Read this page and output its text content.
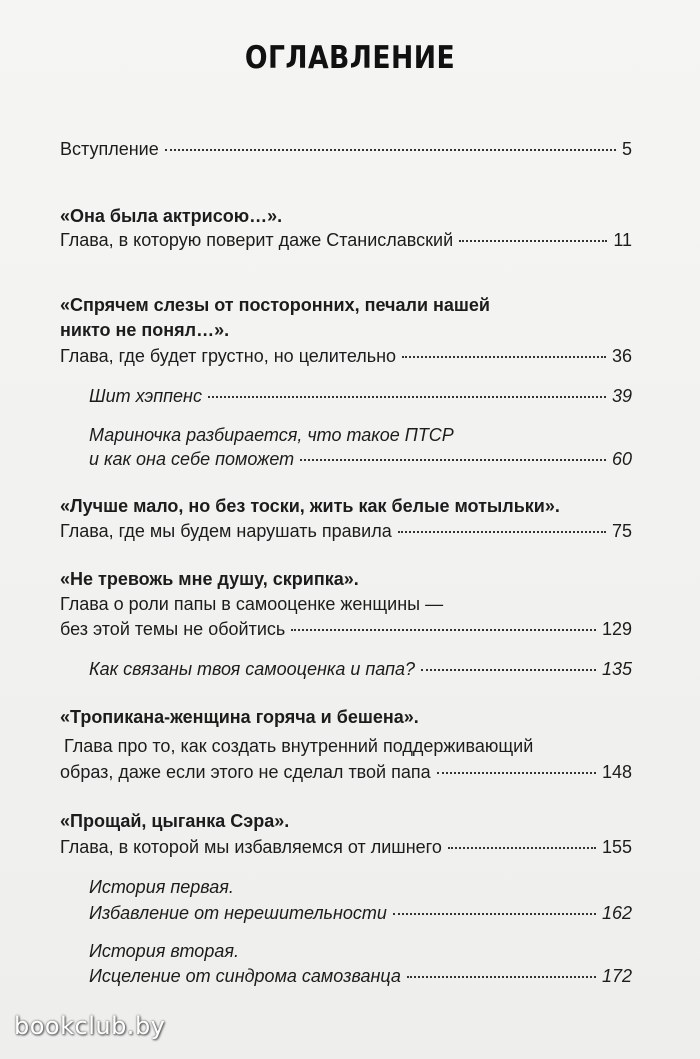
ОГЛАВЛЕНИЕ
Вступление	5
«Она была актрисою…».
Глава, в которую поверит даже Станиславский	11
«Спрячем слезы от посторонних, печали нашей
никто не понял…».
Глава, где будет грустно, но целительно	36
Шит хэппенс	39
Мариночка разбирается, что такое ПТСР
и как она себе поможет	60
«Лучше мало, но без тоски, жить как белые мотыльки».
Глава, где мы будем нарушать правила	75
«Не тревожь мне душу, скрипка».
Глава о роли папы в самооценке женщины —
без этой темы не обойтись	129
Как связаны твоя самооценка и папа?	135
«Тропикана-женщина горяча и бешена».
Глава про то, как создать внутренний поддерживающий
образ, даже если этого не сделал твой папа	148
«Прощай, цыганка Сэра».
Глава, в которой мы избавляемся от лишнего	155
История первая.
Избавление от нерешительности	162
История вторая.
Исцеление от синдрома самозванца	172
bookclub.by
